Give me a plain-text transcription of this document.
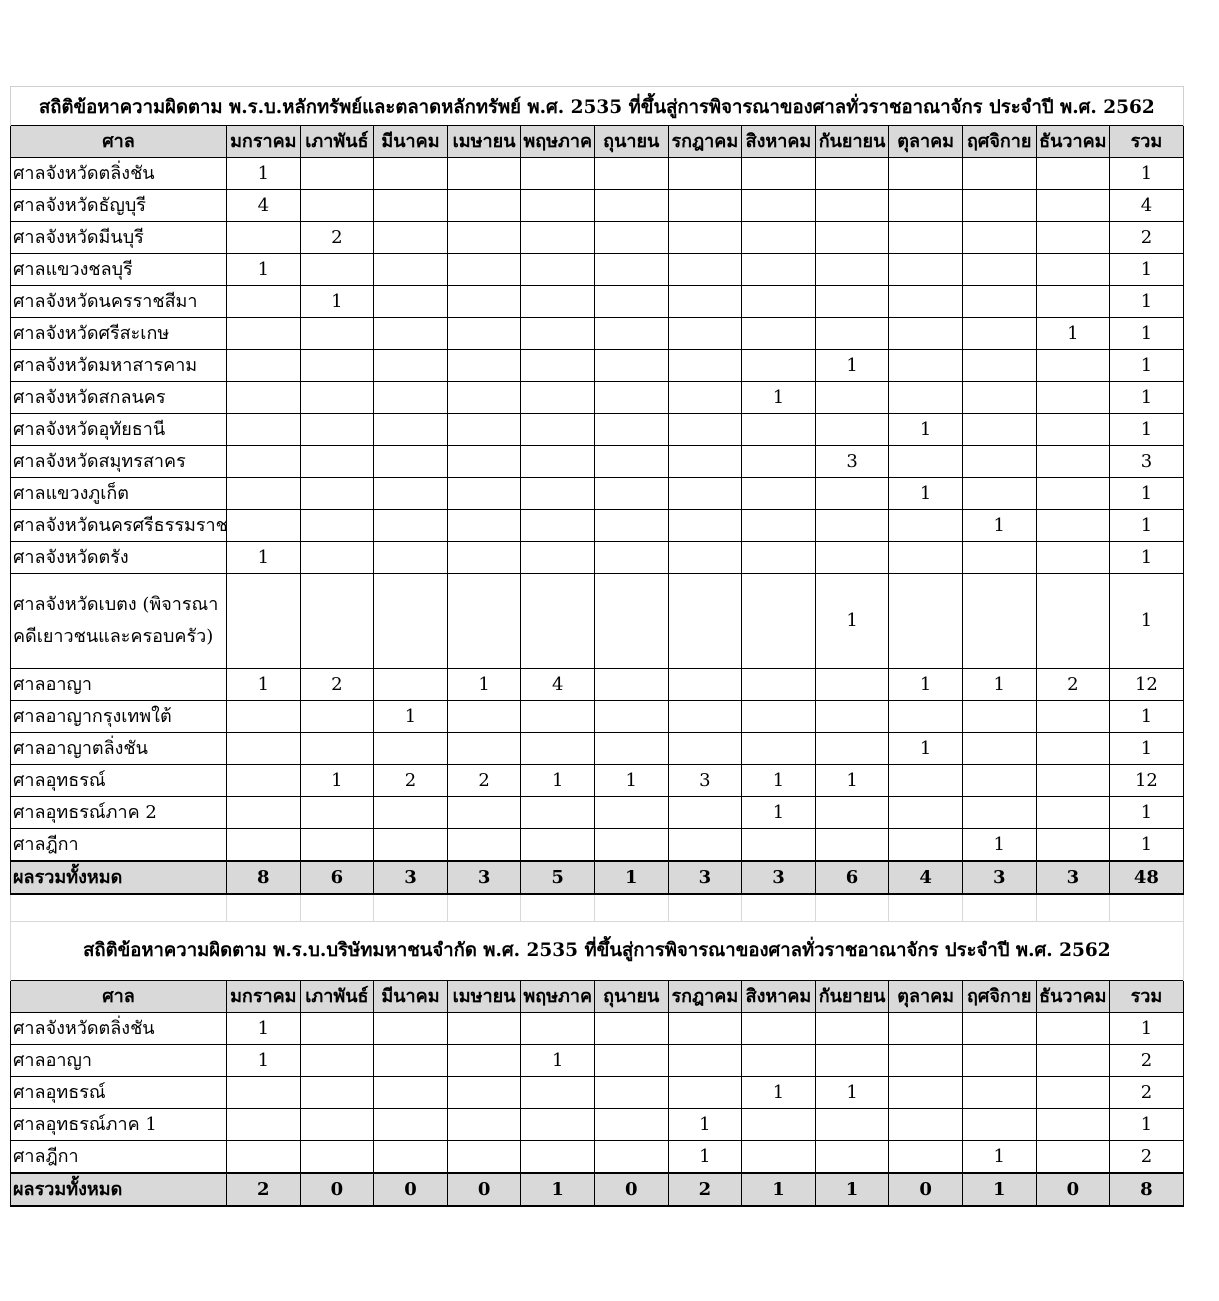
สถิติข้อหาความผิดตาม พ.ร.บ.หลักทรัพย์และตลาดหลักทรัพย์ พ.ศ. 2535 ที่ขึ้นสู่การพิจารณาของศาลทั่วราชอาณาจักร ประจำปี พ.ศ. 2562													
ศาล	มกราคม	เภาพันธ์	มีนาคม	เมษายน	พฤษภาค	ถุนายน	รกฎาคม	สิงหาคม	กันยายน	ตุลาคม	ฤศจิกาย	ธันวาคม	รวม
ศาลจังหวัดตลิ่งชัน	1												1
ศาลจังหวัดธัญบุรี	4												4
ศาลจังหวัดมีนบุรี		2											2
ศาลแขวงชลบุรี	1												1
ศาลจังหวัดนครราชสีมา		1											1
ศาลจังหวัดศรีสะเกษ												1	1
ศาลจังหวัดมหาสารคาม									1				1
ศาลจังหวัดสกลนคร								1					1
ศาลจังหวัดอุทัยธานี										1			1
ศาลจังหวัดสมุทรสาคร									3				3
ศาลแขวงภูเก็ต										1			1
ศาลจังหวัดนครศรีธรรมราช											1		1
ศาลจังหวัดตรัง	1												1
ศาลจังหวัดเบตง (พิจารณาคดีเยาวชนและครอบครัว)									1				1
ศาลอาญา	1	2		1	4					1	1	2	12
ศาลอาญากรุงเทพใต้			1										1
ศาลอาญาตลิ่งชัน										1			1
ศาลอุทธรณ์		1	2	2	1	1	3	1	1				12
ศาลอุทธรณ์ภาค 2								1					1
ศาลฎีกา											1		1
ผลรวมทั้งหมด	8	6	3	3	5	1	3	3	6	4	3	3	48

สถิติข้อหาความผิดตาม พ.ร.บ.บริษัทมหาชนจำกัด พ.ศ. 2535 ที่ขึ้นสู่การพิจารณาของศาลทั่วราชอาณาจักร ประจำปี พ.ศ. 2562													
ศาล	มกราคม	เภาพันธ์	มีนาคม	เมษายน	พฤษภาค	ถุนายน	รกฎาคม	สิงหาคม	กันยายน	ตุลาคม	ฤศจิกาย	ธันวาคม	รวม
ศาลจังหวัดตลิ่งชัน	1												1
ศาลอาญา	1				1								2
ศาลอุทธรณ์								1	1				2
ศาลอุทธรณ์ภาค 1							1						1
ศาลฎีกา							1				1		2
ผลรวมทั้งหมด	2	0	0	0	1	0	2	1	1	0	1	0	8
